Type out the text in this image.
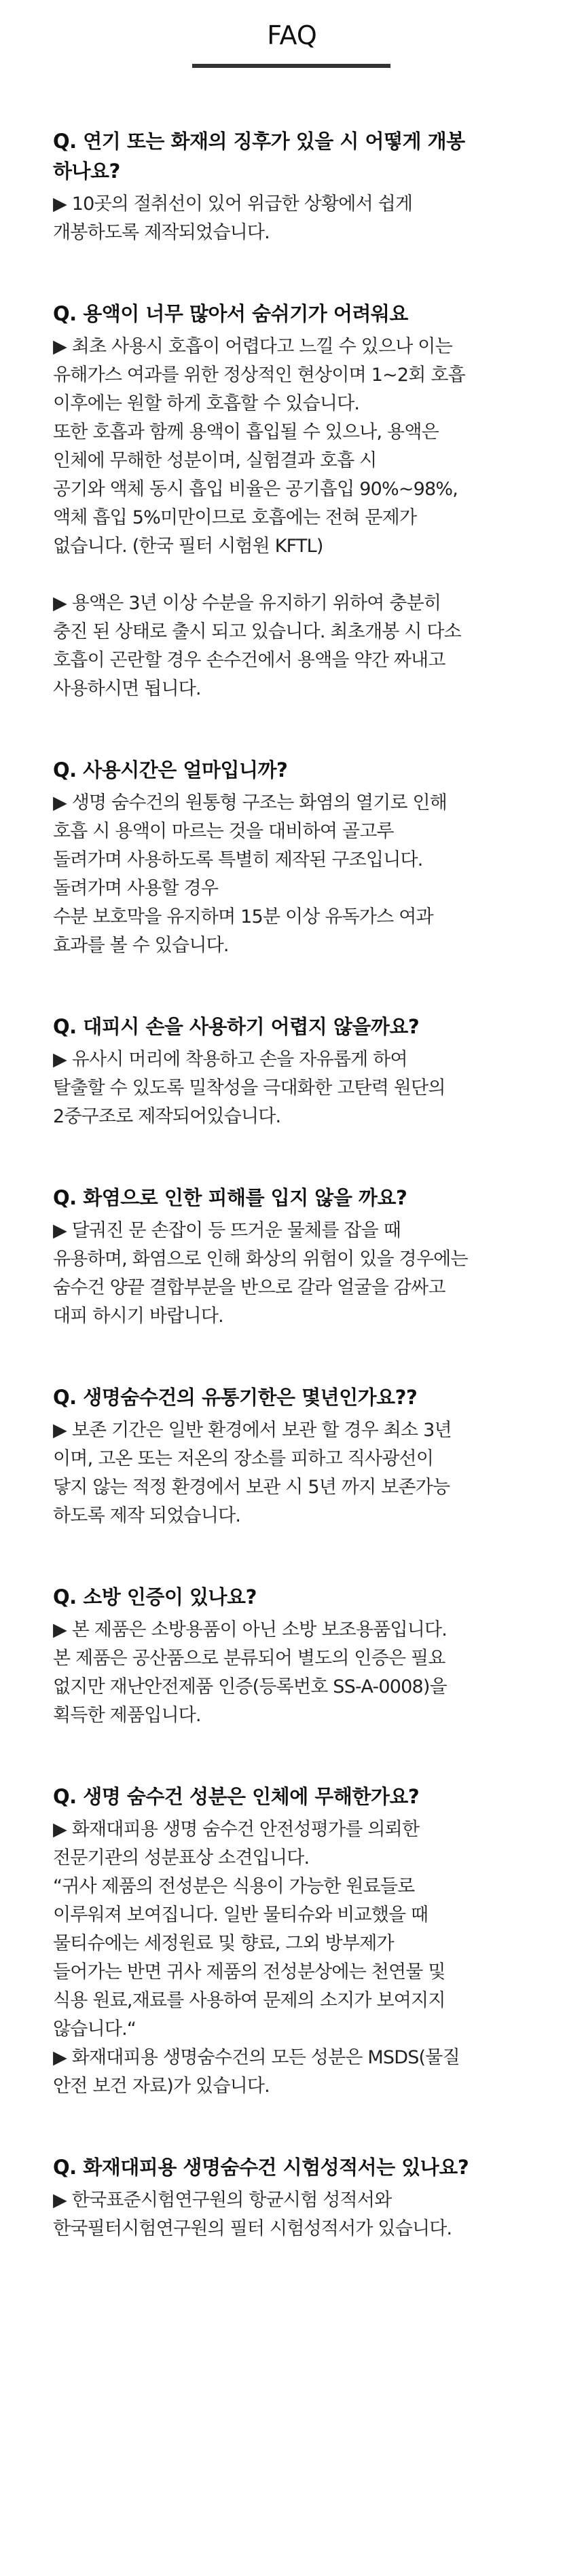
FAQ
Q. 연기 또는 화재의 징후가 있을 시 어떻게 개봉
하나요?
▶ 10곳의 절취선이 있어 위급한 상황에서 쉽게
개봉하도록 제작되었습니다.
Q. 용액이 너무 많아서 숨쉬기가 어려워요
▶ 최초 사용시 호흡이 어렵다고 느낄 수 있으나 이는
유해가스 여과를 위한 정상적인 현상이며 1~2회 호흡
이후에는 원할 하게 호흡할 수 있습니다.
또한 호흡과 함께 용액이 흡입될 수 있으나, 용액은
인체에 무해한 성분이며, 실험결과 호흡 시
공기와 액체 동시 흡입 비율은 공기흡입 90%~98%,
액체 흡입 5%미만이므로 호흡에는 전혀 문제가
없습니다. (한국 필터 시험원 KFTL)
▶ 용액은 3년 이상 수분을 유지하기 위하여 충분히
충진 된 상태로 출시 되고 있습니다. 최초개봉 시 다소
호흡이 곤란할 경우 손수건에서 용액을 약간 짜내고
사용하시면 됩니다.
Q. 사용시간은 얼마입니까?
▶ 생명 숨수건의 원통형 구조는 화염의 열기로 인해
호흡 시 용액이 마르는 것을 대비하여 골고루
돌려가며 사용하도록 특별히 제작된 구조입니다.
돌려가며 사용할 경우
수분 보호막을 유지하며 15분 이상 유독가스 여과
효과를 볼 수 있습니다.
Q. 대피시 손을 사용하기 어렵지 않을까요?
▶ 유사시 머리에 착용하고 손을 자유롭게 하여
탈출할 수 있도록 밀착성을 극대화한 고탄력 원단의
2중구조로 제작되어있습니다.
Q. 화염으로 인한 피해를 입지 않을 까요?
▶ 달궈진 문 손잡이 등 뜨거운 물체를 잡을 때
유용하며, 화염으로 인해 화상의 위험이 있을 경우에는
숨수건 양끝 결합부분을 반으로 갈라 얼굴을 감싸고
대피 하시기 바랍니다.
Q. 생명숨수건의 유통기한은 몇년인가요??
▶ 보존 기간은 일반 환경에서 보관 할 경우 최소 3년
이며, 고온 또는 저온의 장소를 피하고 직사광선이
닿지 않는 적정 환경에서 보관 시 5년 까지 보존가능
하도록 제작 되었습니다.
Q. 소방 인증이 있나요?
▶ 본 제품은 소방용품이 아닌 소방 보조용품입니다.
본 제품은 공산품으로 분류되어 별도의 인증은 필요
없지만 재난안전제품 인증(등록번호 SS-A-0008)을
획득한 제품입니다.
Q. 생명 숨수건 성분은 인체에 무해한가요?
▶ 화재대피용 생명 숨수건 안전성평가를 의뢰한
전문기관의 성분표상 소견입니다.
“귀사 제품의 전성분은 식용이 가능한 원료들로
이루워져 보여집니다. 일반 물티슈와 비교했을 때
물티슈에는 세정원료 및 향료, 그외 방부제가
들어가는 반면 귀사 제품의 전성분상에는 천연물 및
식용 원료,재료를 사용하여 문제의 소지가 보여지지
않습니다.“
▶ 화재대피용 생명숨수건의 모든 성분은 MSDS(물질
안전 보건 자료)가 있습니다.
Q. 화재대피용 생명숨수건 시험성적서는 있나요?
▶ 한국표준시험연구원의 항균시험 성적서와
한국필터시험연구원의 필터 시험성적서가 있습니다.
